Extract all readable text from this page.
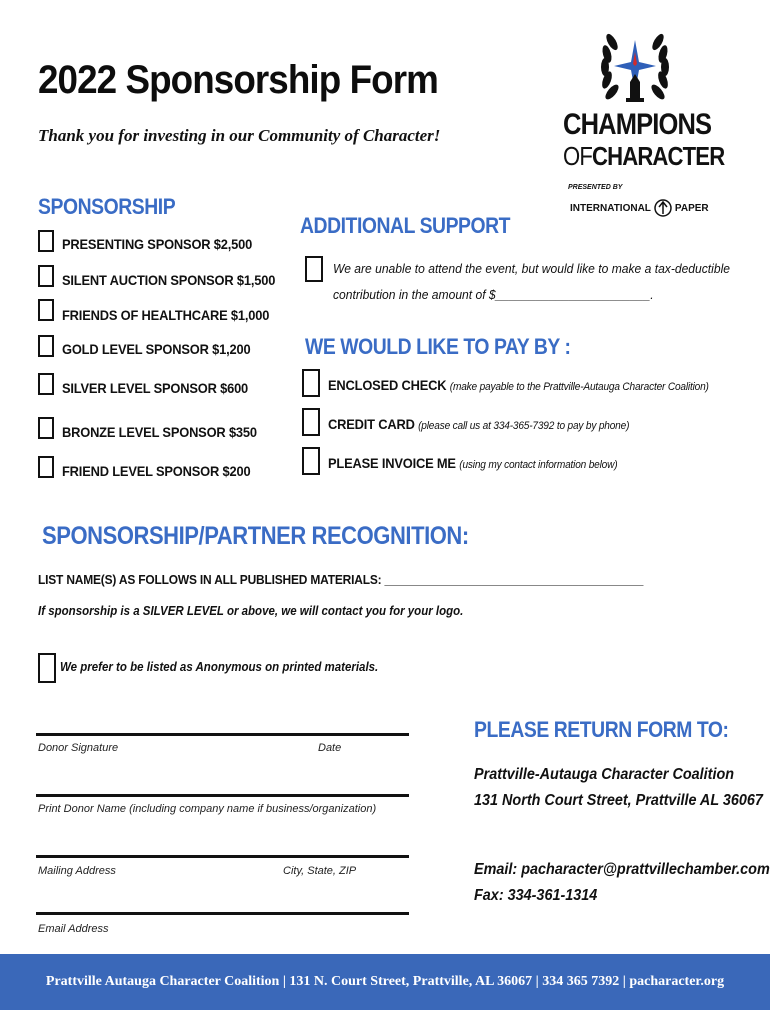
2022 Sponsorship Form
Thank you for investing in our Community of Character!	CHAMPIONS
OFCHARACTER
PRESENTED BY
INTERNATIONAL PAPER
SPONSORSHIP
PRESENTING SPONSOR $2,500
SILENT AUCTION SPONSOR $1,500
FRIENDS OF HEALTHCARE $1,000
GOLD LEVEL SPONSOR $1,200
SILVER LEVEL SPONSOR $600
BRONZE LEVEL SPONSOR $350
FRIEND LEVEL SPONSOR $200
ADDITIONAL SUPPORT
We are unable to attend the event, but would like to make a tax-deductible
contribution in the amount of $_______________________.
WE WOULD LIKE TO PAY BY :
ENCLOSED CHECK (make payable to the Prattville-Autauga Character Coalition)
CREDIT CARD (please call us at 334-365-7392 to pay by phone)
PLEASE INVOICE ME (using my contact information below)
SPONSORSHIP/PARTNER RECOGNITION:
LIST NAME(S) AS FOLLOWS IN ALL PUBLISHED MATERIALS: ________________________________________
If sponsorship is a SILVER LEVEL or above, we will contact you for your logo.
We prefer to be listed as Anonymous on printed materials.
Donor Signature	Date
Print Donor Name (including company name if business/organization)
Mailing Address	City, State, ZIP
Email Address
PLEASE RETURN FORM TO:
Prattville-Autauga Character Coalition
131 North Court Street, Prattville AL 36067
Email: pacharacter@prattvillechamber.com
Fax: 334-361-1314
Prattville Autauga Character Coalition | 131 N. Court Street, Prattville, AL 36067 | 334 365 7392 | pacharacter.org
